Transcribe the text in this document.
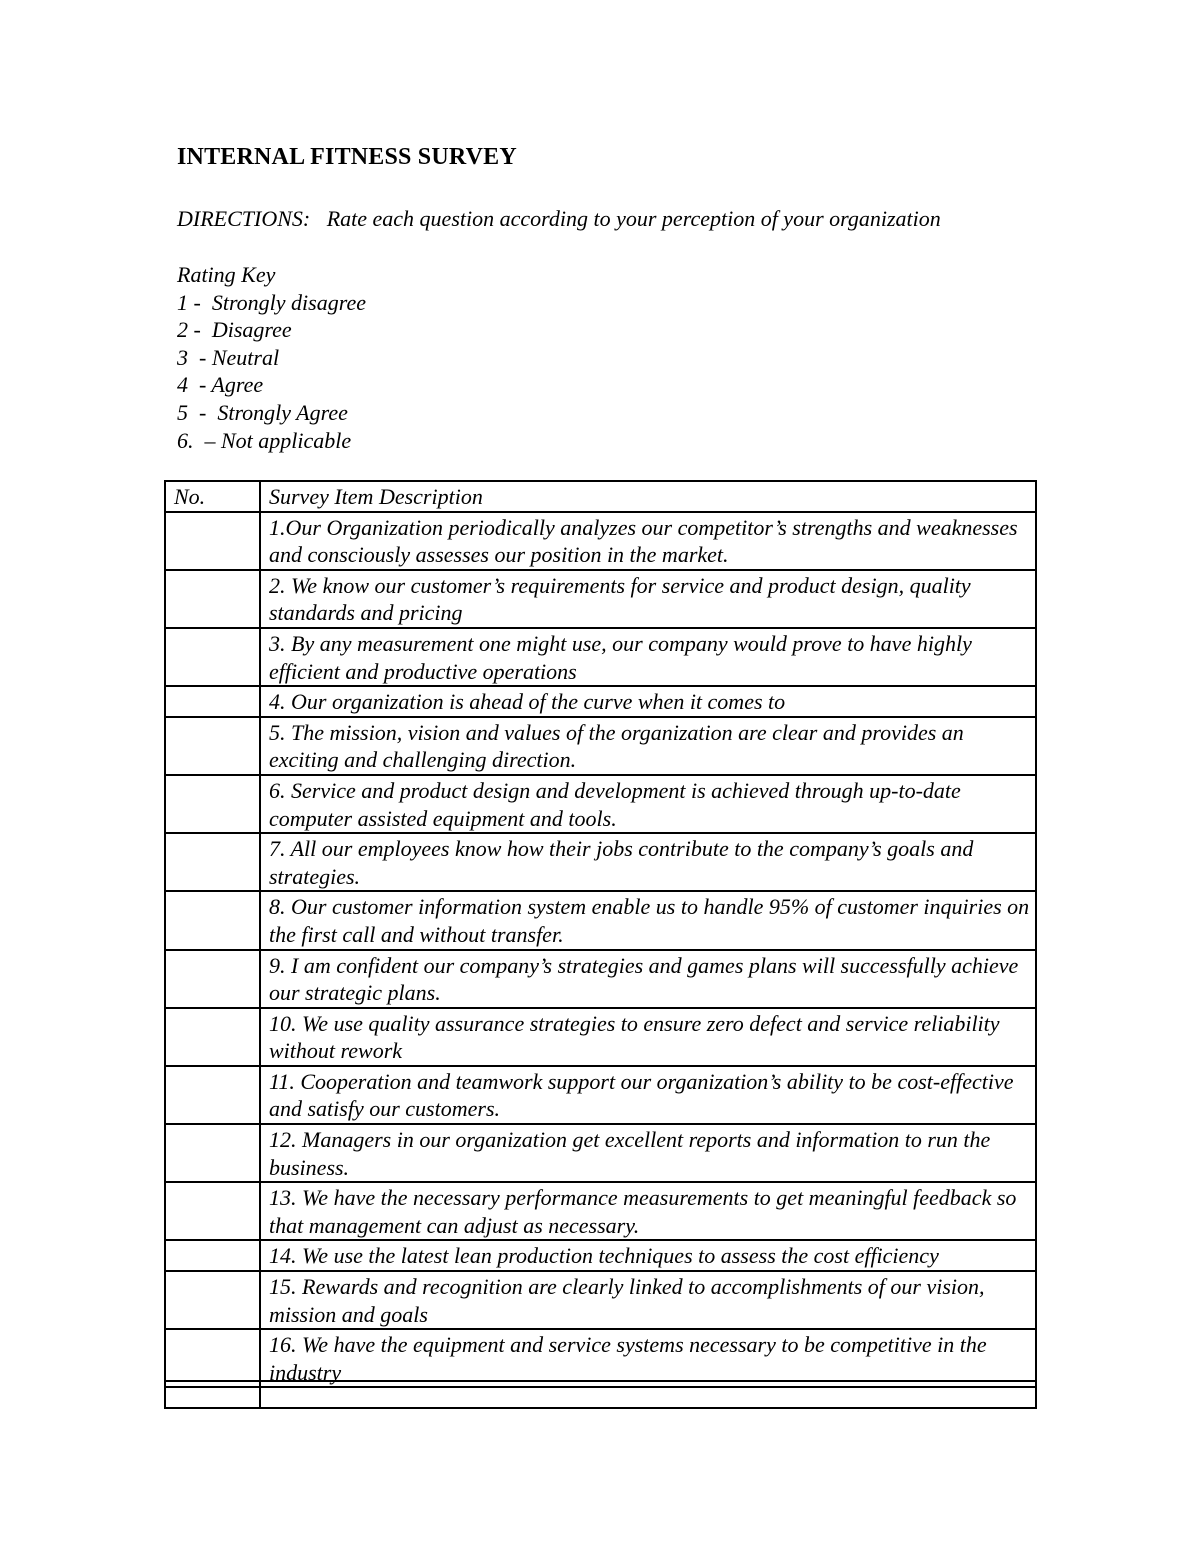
INTERNAL FITNESS SURVEY
DIRECTIONS:   Rate each question according to your perception of your organization
Rating Key
1 -  Strongly disagree
2 -  Disagree
3  - Neutral
4  - Agree
5  -  Strongly Agree
6.  – Not applicable
No.	Survey Item Description
	1.Our Organization periodically analyzes our competitor’s strengths and weaknesses and consciously assesses our position in the market.
	2. We know our customer’s requirements for service and product design, quality standards and pricing
	3. By any measurement one might use, our company would prove to have highly efficient and productive operations
	4. Our organization is ahead of the curve when it comes to
	5. The mission, vision and values of the organization are clear and provides an exciting and challenging direction.
	6. Service and product design and development is achieved through up-to-date computer assisted equipment and tools.
	7. All our employees know how their jobs contribute to the company’s goals and strategies.
	8. Our customer information system enable us to handle 95% of customer inquiries on the first call and without transfer.
	9. I am confident our company’s strategies and games plans will successfully achieve our strategic plans.
	10. We use quality assurance strategies to ensure zero defect and service reliability without rework
	11. Cooperation and teamwork support our organization’s ability to be cost-effective and satisfy our customers.
	12. Managers in our organization get excellent reports and information to run the business.
	13. We have the necessary performance measurements to get meaningful feedback so that management can adjust as necessary.
	14. We use the latest lean production techniques to assess the cost efficiency
	15. Rewards and recognition are clearly linked to accomplishments of our vision, mission and goals
	16. We have the equipment and service systems necessary to be competitive in the industry
